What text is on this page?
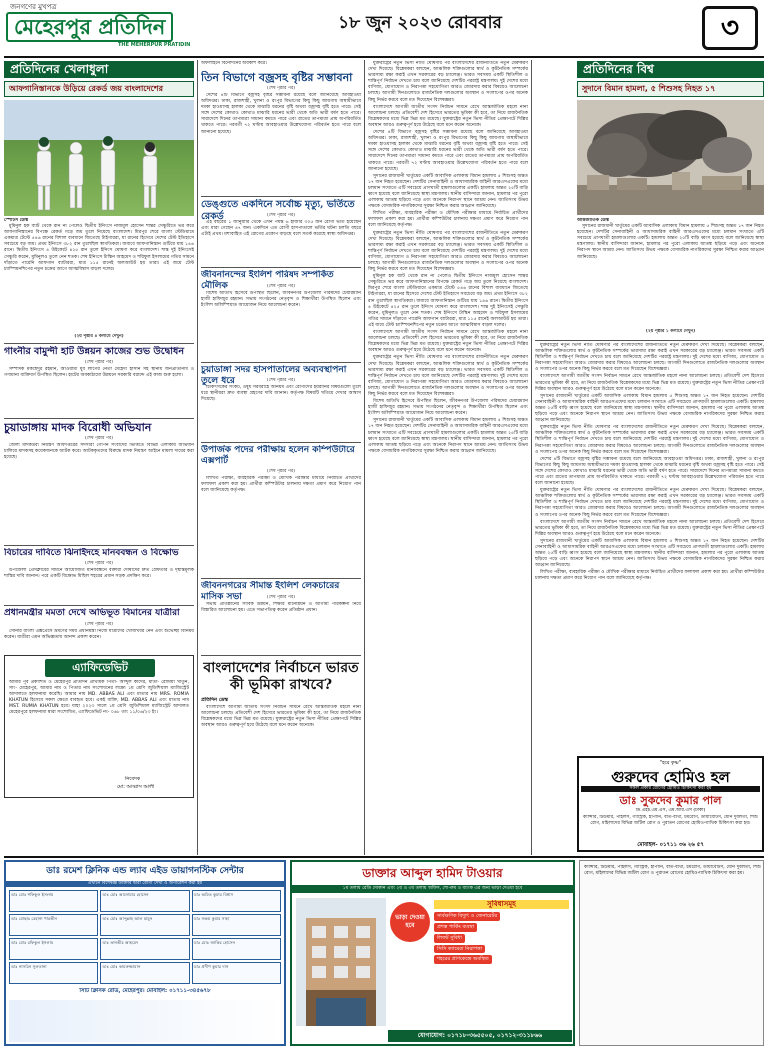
জনগণের মুখপত্র
মেহেরপুর প্রতিদিন
THE MEHERPUR PRATIDIN
১৮ জুন ২০২৩ রোববার	৩
প্রতিদিনের খেলাধুলা
আফগানিস্তানকে উড়িয়ে রেকর্ড জয় বাংলাদেশের
স্পোর্টস ডেস্ক

মুমিনুল হক ব্যাট থেকে রান না পেলেও দ্বিতীয় ইনিংসে নাজমুল হোসেন শান্তর সেঞ্চুরিতে ভর করে আফগানিস্তানের বিপক্ষে রেকর্ড গড়ে জয় তুলে নিয়েছে বাংলাদেশ। মিরপুর শেরে বাংলা স্টেডিয়ামে একমাত্র টেস্টে ৫৪৬ রানের বিশাল ব্যবধানে জিতেছে টাইগাররা, যা রানের হিসেবে দেশের টেস্ট ইতিহাসে সবচেয়ে বড় জয়। প্রথম ইনিংসে ৩৮২ রান তুলেছিল স্বাগতিকরা। জবাবে আফগানিস্তান গুটিয়ে যায় ১৪৬ রানে। দ্বিতীয় ইনিংসে ৪ উইকেটে ৪২৫ রান তুলে ইনিংস ঘোষণা করে বাংলাদেশ। শান্ত দুই ইনিংসেই সেঞ্চুরি করেন, মুমিনুলও তুলে নেন শতক। শেষ ইনিংসে টাস্কিন আহমেদ ও শরিফুল ইসলামের গতির সামনে দাঁড়াতে পারেনি আফগান ব্যাটাররা, মাত্র ১১৫ রানেই অলআউট হয় তারা। এই জয়ে টেস্ট চ্যাম্পিয়নশিপের নতুন চক্রের আগে আত্মবিশ্বাস বাড়ল দলের।

(২য় পৃষ্ঠার ৪ কলামে দেখুন)
গাংনীর বামুন্দী হাট উন্নয়ন কাজের শুভ উদ্বোধন
(শেষ পৃষ্ঠার পর)

সম্পাদক মকছেদুর রহমান, আওয়ামী যুব লীগের নেতা মেহেদী হাসান সহ স্থানীয় জনপ্রতিনিধি ও গণ্যমান্য ব্যক্তিবর্গ উপস্থিত ছিলেন। হাটের অবকাঠামো উন্নয়নে সরকারি বরাদ্দে এই কাজ শুরু হলো।

চুয়াডাঙ্গায় মাদক বিরোধী অভিযান
(শেষ পৃষ্ঠার পর)

জেলা মাদকদ্রব্য নিয়ন্ত্রণ অধিদপ্তরের সদস্যরা গোপন সংবাদের ভিত্তিতে বিভিন্ন এলাকায় অভিযান চালিয়ে মাদকসহ কয়েকজনকে আটক করে। আটককৃতদের বিরুদ্ধে মাদক নিয়ন্ত্রণ আইনে মামলা দায়ের করা হয়েছে।

বিচারের দাবিতে ঝিনাইদহে মানববন্ধন ও বিক্ষোভ
(শেষ পৃষ্ঠার পর)

উপজেলা প্রেসক্লাবের সামনে আয়োজিত মানববন্ধনে বক্তারা দোষীদের দ্রুত গ্রেফতার ও দৃষ্টান্তমূলক শাস্তির দাবি জানান। পরে একটি বিক্ষোভ মিছিল শহরের প্রধান সড়ক প্রদক্ষিণ করে।

প্রধানমন্ত্রীর মমতা দেখে অভিভূত বিমানের যাত্রীরা
(শেষ পৃষ্ঠার পর)

সোনার বাংলা এক্সপ্রেসে ভ্রমণের সময় প্রধানমন্ত্রী নিজে যাত্রীদের খোঁজখবর নেন এবং শুভেচ্ছা বিনিময় করেন। যাত্রীরা এমন অভিজ্ঞতায় আনন্দ প্রকাশ করেন।

এ্যাফিডেভিট
আমার পূর্ব প্রকাশিত ও মেহেরপুর প্রতিদিন প্রাথমিক পিতা- আব্দুল কাদের, মাতা- রোমিয়া খাতুন, সাং- মেহেরপুর, আমার নাম ও পিতার নাম সংশোধনের লক্ষ্যে ১ম শ্রেণি জুডিশিয়াল ম্যাজিস্ট্রেট আদালতে হলফনামা করেছি। আমার নাম MD. ABBAS ALI এবং মাতার নাম MRS. ROMIA KHATUN হিসেবে সকল ক্ষেত্রে ব্যবহৃত হবে। একই ব্যক্তি, MD. ABBAS ALI এবং মাতার নাম MST. RUMIA KHATUN হবে। যাহা ২০২৩ সালে ১ম শ্রেণি জুডিশিয়াল ম্যাজিস্ট্রেট আদালত মেহেরপুরে হলফনামা দ্বারা সংশোধিত, এ্যাফিডেভিট নং- ০৬৮ তাং ১১/০৬/২৩ ইং।
নিবেদক
মো: আব্বাস আলী
অফলাইনে বিনোদনের অবকাশ করে।
তিন বিভাগে বজ্রসহ বৃষ্টির সম্ভাবনা
(শেষ পৃষ্ঠার পর)

দেশের ৪টি বিভাগে বজ্রসহ বৃষ্টির সম্ভাবনা রয়েছে বলে জানিয়েছে আবহাওয়া অধিদপ্তর। ঢাকা, রাজশাহী, খুলনা ও রংপুর বিভাগের কিছু কিছু জায়গায় অস্থায়ীভাবে দমকা হাওয়াসহ হালকা থেকে মাঝারি ধরনের বৃষ্টি অথবা বজ্রসহ বৃষ্টি হতে পারে। সেই সঙ্গে দেশের কোথাও কোথাও মাঝারি ধরনের ভারী থেকে অতি ভারী বর্ষণ হতে পারে। সারাদেশে দিনের তাপমাত্রা সামান্য কমতে পারে এবং রাতের তাপমাত্রা প্রায় অপরিবর্তিত থাকতে পারে। পরবর্তী ৭২ ঘণ্টায় আবহাওয়ার উল্লেখযোগ্য পরিবর্তন হতে পারে বলে জানানো হয়েছে।

ডেঙ্গুতে একদিনে সর্বোচ্চ মৃত্যু, ভর্তিতে রেকর্ড	(শেষ পৃষ্ঠার পর)

এই বছরের ১ জানুয়ারি থেকে এখন পর্যন্ত ৬ হাজার ৩০৫ জন রোগী ভর্তি হয়েছেন এবং মারা গেছেন ৪৭ জন। একদিনে এত রোগী হাসপাতালে ভর্তির ঘটনা চলতি বছরে এটাই প্রথম। মশাবাহিত এই রোগের প্রকোপ বাড়ছে বলে সতর্ক করেছে স্বাস্থ্য অধিদপ্তর।

জীবনানন্দের ইংলিশ পরিষদ সম্পর্কিত মৌলিক	(শেষ পৃষ্ঠার পর)

বিশেষ অতিথি হিসেবে উপস্থিত ছিলেন, জীবননগর উপজেলা পরিষদের চেয়ারম্যান হাজী হাফিজুর রহমান। সভায় সংগঠনের নেতৃবৃন্দ ও শিক্ষার্থীরা উপস্থিত ছিলেন এবং ইংলিশ অলিম্পিয়াড আয়োজন নিয়ে আলোচনা করেন।

চুয়াডাঙ্গা সদর হাসপাতালের অব্যবস্থাপনা তুলে ধরে	(শেষ পৃষ্ঠার পর)

চিকিৎসকের সংকট, ওষুধ সরবরাহে অনিয়ম এবং রোগীদের হয়রানির বিষয়গুলো তুলে ধরে স্থানীয়রা দ্রুত ব্যবস্থা গ্রহণের দাবি জানান। কর্তৃপক্ষ বিষয়টি খতিয়ে দেখার আশ্বাস দিয়েছে।

উপার্জক পদের পরীক্ষায় হলেন কম্পিউটারে এক্সপার্ট
(শেষ পৃষ্ঠার পর)

লিখিত পরীক্ষা, ব্যবহারিক পরীক্ষা ও মৌখিক পরীক্ষার মাধ্যমে নির্বাচিত প্রার্থীদের ফলাফল প্রকাশ করা হয়। প্রার্থীরা কম্পিউটার চালনায় দক্ষতা প্রমাণ করে নিয়োগ পান বলে জানিয়েছে কর্তৃপক্ষ।

জীবননগরের সীমান্ত ইংলিশ লেকচারের মাসিক সভা	(শেষ পৃষ্ঠার পর)

সভায় প্রতিষ্ঠানের সার্বিক উন্নয়ন, শিক্ষার মানোন্নয়ন ও আগামী পরিকল্পনা নিয়ে বিস্তারিত আলোচনা হয়। এতে সভাপতিত্ব করেন প্রতিষ্ঠান প্রধান।

বাংলাদেশের নির্বাচনে ভারত কী ভূমিকা রাখবে?
প্রতিদিন ডেস্ক

বাংলাদেশে আগামী জাতীয় সংসদ নির্বাচন সামনে রেখে আন্তর্জাতিক মহলে নানা আলোচনা চলছে। প্রতিবেশী দেশ হিসেবে ভারতের ভূমিকা কী হবে, তা নিয়ে রাজনৈতিক বিশ্লেষকদের মধ্যে ভিন্ন ভিন্ন মত রয়েছে। যুক্তরাষ্ট্রের নতুন ভিসা নীতির প্রেক্ষাপটে দিল্লির অবস্থান আরও গুরুত্বপূর্ণ হয়ে উঠেছে বলে মনে করেন অনেকে।

যুক্তরাষ্ট্রের নতুন ভিসা নীতি ঘোষণার পর বাংলাদেশের রাজনীতিতে নতুন মেরুকরণ দেখা দিয়েছে। বিশ্লেষকরা বলছেন, আঞ্চলিক শক্তিগুলোর স্বার্থ ও কূটনৈতিক সম্পর্কের ভারসাম্য রক্ষা করাই এখন সরকারের বড় চ্যালেঞ্জ। ভারত সবসময় একটি স্থিতিশীল ও শান্তিপূর্ণ নির্বাচন দেখতে চায় বলে জানিয়েছে দেশটির পররাষ্ট্র মন্ত্রণালয়। দুই দেশের মধ্যে বাণিজ্য, যোগাযোগ ও নিরাপত্তা সহযোগিতা আরও জোরদার করার বিষয়েও আলোচনা চলছে। আগামী দিনগুলোতে রাজনৈতিক দলগুলোর অবস্থান ও সংলাপের ওপর অনেক কিছু নির্ভর করবে বলে মত দিয়েছেন বিশেষজ্ঞরা।

বাংলাদেশে আগামী জাতীয় সংসদ নির্বাচন সামনে রেখে আন্তর্জাতিক মহলে নানা আলোচনা চলছে। প্রতিবেশী দেশ হিসেবে ভারতের ভূমিকা কী হবে, তা নিয়ে রাজনৈতিক বিশ্লেষকদের মধ্যে ভিন্ন ভিন্ন মত রয়েছে। যুক্তরাষ্ট্রের নতুন ভিসা নীতির প্রেক্ষাপটে দিল্লির অবস্থান আরও গুরুত্বপূর্ণ হয়ে উঠেছে বলে মনে করেন অনেকে।

দেশের ৪টি বিভাগে বজ্রসহ বৃষ্টির সম্ভাবনা রয়েছে বলে জানিয়েছে আবহাওয়া অধিদপ্তর। ঢাকা, রাজশাহী, খুলনা ও রংপুর বিভাগের কিছু কিছু জায়গায় অস্থায়ীভাবে দমকা হাওয়াসহ হালকা থেকে মাঝারি ধরনের বৃষ্টি অথবা বজ্রসহ বৃষ্টি হতে পারে। সেই সঙ্গে দেশের কোথাও কোথাও মাঝারি ধরনের ভারী থেকে অতি ভারী বর্ষণ হতে পারে। সারাদেশে দিনের তাপমাত্রা সামান্য কমতে পারে এবং রাতের তাপমাত্রা প্রায় অপরিবর্তিত থাকতে পারে। পরবর্তী ৭২ ঘণ্টায় আবহাওয়ার উল্লেখযোগ্য পরিবর্তন হতে পারে বলে জানানো হয়েছে।

সুদানের রাজধানী খার্তুমের একটি আবাসিক এলাকায় বিমান হামলায় ৫ শিশুসহ অন্তত ১৭ জন নিহত হয়েছেন। দেশটির সেনাবাহিনী ও আধাসামরিক বাহিনী আরএসএফের মধ্যে চলমান সংঘাতে এটি সবচেয়ে প্রাণঘাতী হামলাগুলোর একটি। হামলায় অন্তত ২৫টি বাড়ি ধ্বংস হয়েছে বলে জানিয়েছে স্বাস্থ্য মন্ত্রণালয়। স্থানীয় বাসিন্দারা জানান, হামলার পর পুরো এলাকায় আতঙ্ক ছড়িয়ে পড়ে এবং অনেকে নিরাপদ স্থানে আশ্রয় নেন। জাতিসংঘ উভয় পক্ষকে বেসামরিক নাগরিকদের সুরক্ষা নিশ্চিত করার আহ্বান জানিয়েছে।

লিখিত পরীক্ষা, ব্যবহারিক পরীক্ষা ও মৌখিক পরীক্ষার মাধ্যমে নির্বাচিত প্রার্থীদের ফলাফল প্রকাশ করা হয়। প্রার্থীরা কম্পিউটার চালনায় দক্ষতা প্রমাণ করে নিয়োগ পান বলে জানিয়েছে কর্তৃপক্ষ।

যুক্তরাষ্ট্রের নতুন ভিসা নীতি ঘোষণার পর বাংলাদেশের রাজনীতিতে নতুন মেরুকরণ দেখা দিয়েছে। বিশ্লেষকরা বলছেন, আঞ্চলিক শক্তিগুলোর স্বার্থ ও কূটনৈতিক সম্পর্কের ভারসাম্য রক্ষা করাই এখন সরকারের বড় চ্যালেঞ্জ। ভারত সবসময় একটি স্থিতিশীল ও শান্তিপূর্ণ নির্বাচন দেখতে চায় বলে জানিয়েছে দেশটির পররাষ্ট্র মন্ত্রণালয়। দুই দেশের মধ্যে বাণিজ্য, যোগাযোগ ও নিরাপত্তা সহযোগিতা আরও জোরদার করার বিষয়েও আলোচনা চলছে। আগামী দিনগুলোতে রাজনৈতিক দলগুলোর অবস্থান ও সংলাপের ওপর অনেক কিছু নির্ভর করবে বলে মত দিয়েছেন বিশেষজ্ঞরা।

মুমিনুল হক ব্যাট থেকে রান না পেলেও দ্বিতীয় ইনিংসে নাজমুল হোসেন শান্তর সেঞ্চুরিতে ভর করে আফগানিস্তানের বিপক্ষে রেকর্ড গড়ে জয় তুলে নিয়েছে বাংলাদেশ। মিরপুর শেরে বাংলা স্টেডিয়ামে একমাত্র টেস্টে ৫৪৬ রানের বিশাল ব্যবধানে জিতেছে টাইগাররা, যা রানের হিসেবে দেশের টেস্ট ইতিহাসে সবচেয়ে বড় জয়। প্রথম ইনিংসে ৩৮২ রান তুলেছিল স্বাগতিকরা। জবাবে আফগানিস্তান গুটিয়ে যায় ১৪৬ রানে। দ্বিতীয় ইনিংসে ৪ উইকেটে ৪২৫ রান তুলে ইনিংস ঘোষণা করে বাংলাদেশ। শান্ত দুই ইনিংসেই সেঞ্চুরি করেন, মুমিনুলও তুলে নেন শতক। শেষ ইনিংসে টাস্কিন আহমেদ ও শরিফুল ইসলামের গতির সামনে দাঁড়াতে পারেনি আফগান ব্যাটাররা, মাত্র ১১৫ রানেই অলআউট হয় তারা। এই জয়ে টেস্ট চ্যাম্পিয়নশিপের নতুন চক্রের আগে আত্মবিশ্বাস বাড়ল দলের।

বাংলাদেশে আগামী জাতীয় সংসদ নির্বাচন সামনে রেখে আন্তর্জাতিক মহলে নানা আলোচনা চলছে। প্রতিবেশী দেশ হিসেবে ভারতের ভূমিকা কী হবে, তা নিয়ে রাজনৈতিক বিশ্লেষকদের মধ্যে ভিন্ন ভিন্ন মত রয়েছে। যুক্তরাষ্ট্রের নতুন ভিসা নীতির প্রেক্ষাপটে দিল্লির অবস্থান আরও গুরুত্বপূর্ণ হয়ে উঠেছে বলে মনে করেন অনেকে।

যুক্তরাষ্ট্রের নতুন ভিসা নীতি ঘোষণার পর বাংলাদেশের রাজনীতিতে নতুন মেরুকরণ দেখা দিয়েছে। বিশ্লেষকরা বলছেন, আঞ্চলিক শক্তিগুলোর স্বার্থ ও কূটনৈতিক সম্পর্কের ভারসাম্য রক্ষা করাই এখন সরকারের বড় চ্যালেঞ্জ। ভারত সবসময় একটি স্থিতিশীল ও শান্তিপূর্ণ নির্বাচন দেখতে চায় বলে জানিয়েছে দেশটির পররাষ্ট্র মন্ত্রণালয়। দুই দেশের মধ্যে বাণিজ্য, যোগাযোগ ও নিরাপত্তা সহযোগিতা আরও জোরদার করার বিষয়েও আলোচনা চলছে। আগামী দিনগুলোতে রাজনৈতিক দলগুলোর অবস্থান ও সংলাপের ওপর অনেক কিছু নির্ভর করবে বলে মত দিয়েছেন বিশেষজ্ঞরা।

বিশেষ অতিথি হিসেবে উপস্থিত ছিলেন, জীবননগর উপজেলা পরিষদের চেয়ারম্যান হাজী হাফিজুর রহমান। সভায় সংগঠনের নেতৃবৃন্দ ও শিক্ষার্থীরা উপস্থিত ছিলেন এবং ইংলিশ অলিম্পিয়াড আয়োজন নিয়ে আলোচনা করেন।

সুদানের রাজধানী খার্তুমের একটি আবাসিক এলাকায় বিমান হামলায় ৫ শিশুসহ অন্তত ১৭ জন নিহত হয়েছেন। দেশটির সেনাবাহিনী ও আধাসামরিক বাহিনী আরএসএফের মধ্যে চলমান সংঘাতে এটি সবচেয়ে প্রাণঘাতী হামলাগুলোর একটি। হামলায় অন্তত ২৫টি বাড়ি ধ্বংস হয়েছে বলে জানিয়েছে স্বাস্থ্য মন্ত্রণালয়। স্থানীয় বাসিন্দারা জানান, হামলার পর পুরো এলাকায় আতঙ্ক ছড়িয়ে পড়ে এবং অনেকে নিরাপদ স্থানে আশ্রয় নেন। জাতিসংঘ উভয় পক্ষকে বেসামরিক নাগরিকদের সুরক্ষা নিশ্চিত করার আহ্বান জানিয়েছে।

প্রতিদিনের বিশ্ব
সুদানে বিমান হামলা, ৫ শিশুসহ নিহত ১৭
আন্তর্জাতিক ডেস্ক

সুদানের রাজধানী খার্তুমের একটি আবাসিক এলাকায় বিমান হামলায় ৫ শিশুসহ অন্তত ১৭ জন নিহত হয়েছেন। দেশটির সেনাবাহিনী ও আধাসামরিক বাহিনী আরএসএফের মধ্যে চলমান সংঘাতে এটি সবচেয়ে প্রাণঘাতী হামলাগুলোর একটি। হামলায় অন্তত ২৫টি বাড়ি ধ্বংস হয়েছে বলে জানিয়েছে স্বাস্থ্য মন্ত্রণালয়। স্থানীয় বাসিন্দারা জানান, হামলার পর পুরো এলাকায় আতঙ্ক ছড়িয়ে পড়ে এবং অনেকে নিরাপদ স্থানে আশ্রয় নেন। জাতিসংঘ উভয় পক্ষকে বেসামরিক নাগরিকদের সুরক্ষা নিশ্চিত করার আহ্বান জানিয়েছে।

(২য় পৃষ্ঠার ১ কলামে দেখুন)

যুক্তরাষ্ট্রের নতুন ভিসা নীতি ঘোষণার পর বাংলাদেশের রাজনীতিতে নতুন মেরুকরণ দেখা দিয়েছে। বিশ্লেষকরা বলছেন, আঞ্চলিক শক্তিগুলোর স্বার্থ ও কূটনৈতিক সম্পর্কের ভারসাম্য রক্ষা করাই এখন সরকারের বড় চ্যালেঞ্জ। ভারত সবসময় একটি স্থিতিশীল ও শান্তিপূর্ণ নির্বাচন দেখতে চায় বলে জানিয়েছে দেশটির পররাষ্ট্র মন্ত্রণালয়। দুই দেশের মধ্যে বাণিজ্য, যোগাযোগ ও নিরাপত্তা সহযোগিতা আরও জোরদার করার বিষয়েও আলোচনা চলছে। আগামী দিনগুলোতে রাজনৈতিক দলগুলোর অবস্থান ও সংলাপের ওপর অনেক কিছু নির্ভর করবে বলে মত দিয়েছেন বিশেষজ্ঞরা।

বাংলাদেশে আগামী জাতীয় সংসদ নির্বাচন সামনে রেখে আন্তর্জাতিক মহলে নানা আলোচনা চলছে। প্রতিবেশী দেশ হিসেবে ভারতের ভূমিকা কী হবে, তা নিয়ে রাজনৈতিক বিশ্লেষকদের মধ্যে ভিন্ন ভিন্ন মত রয়েছে। যুক্তরাষ্ট্রের নতুন ভিসা নীতির প্রেক্ষাপটে দিল্লির অবস্থান আরও গুরুত্বপূর্ণ হয়ে উঠেছে বলে মনে করেন অনেকে।

সুদানের রাজধানী খার্তুমের একটি আবাসিক এলাকায় বিমান হামলায় ৫ শিশুসহ অন্তত ১৭ জন নিহত হয়েছেন। দেশটির সেনাবাহিনী ও আধাসামরিক বাহিনী আরএসএফের মধ্যে চলমান সংঘাতে এটি সবচেয়ে প্রাণঘাতী হামলাগুলোর একটি। হামলায় অন্তত ২৫টি বাড়ি ধ্বংস হয়েছে বলে জানিয়েছে স্বাস্থ্য মন্ত্রণালয়। স্থানীয় বাসিন্দারা জানান, হামলার পর পুরো এলাকায় আতঙ্ক ছড়িয়ে পড়ে এবং অনেকে নিরাপদ স্থানে আশ্রয় নেন। জাতিসংঘ উভয় পক্ষকে বেসামরিক নাগরিকদের সুরক্ষা নিশ্চিত করার আহ্বান জানিয়েছে।

যুক্তরাষ্ট্রের নতুন ভিসা নীতি ঘোষণার পর বাংলাদেশের রাজনীতিতে নতুন মেরুকরণ দেখা দিয়েছে। বিশ্লেষকরা বলছেন, আঞ্চলিক শক্তিগুলোর স্বার্থ ও কূটনৈতিক সম্পর্কের ভারসাম্য রক্ষা করাই এখন সরকারের বড় চ্যালেঞ্জ। ভারত সবসময় একটি স্থিতিশীল ও শান্তিপূর্ণ নির্বাচন দেখতে চায় বলে জানিয়েছে দেশটির পররাষ্ট্র মন্ত্রণালয়। দুই দেশের মধ্যে বাণিজ্য, যোগাযোগ ও নিরাপত্তা সহযোগিতা আরও জোরদার করার বিষয়েও আলোচনা চলছে। আগামী দিনগুলোতে রাজনৈতিক দলগুলোর অবস্থান ও সংলাপের ওপর অনেক কিছু নির্ভর করবে বলে মত দিয়েছেন বিশেষজ্ঞরা।

দেশের ৪টি বিভাগে বজ্রসহ বৃষ্টির সম্ভাবনা রয়েছে বলে জানিয়েছে আবহাওয়া অধিদপ্তর। ঢাকা, রাজশাহী, খুলনা ও রংপুর বিভাগের কিছু কিছু জায়গায় অস্থায়ীভাবে দমকা হাওয়াসহ হালকা থেকে মাঝারি ধরনের বৃষ্টি অথবা বজ্রসহ বৃষ্টি হতে পারে। সেই সঙ্গে দেশের কোথাও কোথাও মাঝারি ধরনের ভারী থেকে অতি ভারী বর্ষণ হতে পারে। সারাদেশে দিনের তাপমাত্রা সামান্য কমতে পারে এবং রাতের তাপমাত্রা প্রায় অপরিবর্তিত থাকতে পারে। পরবর্তী ৭২ ঘণ্টায় আবহাওয়ার উল্লেখযোগ্য পরিবর্তন হতে পারে বলে জানানো হয়েছে।

যুক্তরাষ্ট্রের নতুন ভিসা নীতি ঘোষণার পর বাংলাদেশের রাজনীতিতে নতুন মেরুকরণ দেখা দিয়েছে। বিশ্লেষকরা বলছেন, আঞ্চলিক শক্তিগুলোর স্বার্থ ও কূটনৈতিক সম্পর্কের ভারসাম্য রক্ষা করাই এখন সরকারের বড় চ্যালেঞ্জ। ভারত সবসময় একটি স্থিতিশীল ও শান্তিপূর্ণ নির্বাচন দেখতে চায় বলে জানিয়েছে দেশটির পররাষ্ট্র মন্ত্রণালয়। দুই দেশের মধ্যে বাণিজ্য, যোগাযোগ ও নিরাপত্তা সহযোগিতা আরও জোরদার করার বিষয়েও আলোচনা চলছে। আগামী দিনগুলোতে রাজনৈতিক দলগুলোর অবস্থান ও সংলাপের ওপর অনেক কিছু নির্ভর করবে বলে মত দিয়েছেন বিশেষজ্ঞরা।

বাংলাদেশে আগামী জাতীয় সংসদ নির্বাচন সামনে রেখে আন্তর্জাতিক মহলে নানা আলোচনা চলছে। প্রতিবেশী দেশ হিসেবে ভারতের ভূমিকা কী হবে, তা নিয়ে রাজনৈতিক বিশ্লেষকদের মধ্যে ভিন্ন ভিন্ন মত রয়েছে। যুক্তরাষ্ট্রের নতুন ভিসা নীতির প্রেক্ষাপটে দিল্লির অবস্থান আরও গুরুত্বপূর্ণ হয়ে উঠেছে বলে মনে করেন অনেকে।

সুদানের রাজধানী খার্তুমের একটি আবাসিক এলাকায় বিমান হামলায় ৫ শিশুসহ অন্তত ১৭ জন নিহত হয়েছেন। দেশটির সেনাবাহিনী ও আধাসামরিক বাহিনী আরএসএফের মধ্যে চলমান সংঘাতে এটি সবচেয়ে প্রাণঘাতী হামলাগুলোর একটি। হামলায় অন্তত ২৫টি বাড়ি ধ্বংস হয়েছে বলে জানিয়েছে স্বাস্থ্য মন্ত্রণালয়। স্থানীয় বাসিন্দারা জানান, হামলার পর পুরো এলাকায় আতঙ্ক ছড়িয়ে পড়ে এবং অনেকে নিরাপদ স্থানে আশ্রয় নেন। জাতিসংঘ উভয় পক্ষকে বেসামরিক নাগরিকদের সুরক্ষা নিশ্চিত করার আহ্বান জানিয়েছে।

লিখিত পরীক্ষা, ব্যবহারিক পরীক্ষা ও মৌখিক পরীক্ষার মাধ্যমে নির্বাচিত প্রার্থীদের ফলাফল প্রকাশ করা হয়। প্রার্থীরা কম্পিউটার চালনায় দক্ষতা প্রমাণ করে নিয়োগ পান বলে জানিয়েছে কর্তৃপক্ষ।

"হরে কৃষ্ণ"
গুরুদেব হোমিও হল
সকল প্রকার রোগের হোমিও চিকিৎসা করা হয়
ডাঃ সুকদেব কুমার পাল
ডি.এইচ.এম.এস, এম.আর.এস (ঢাকা)
ক্যান্সার, টিউমার, পাইলস, গ্যাস্ট্রিক, হাঁপানি, বাত-ব্যথা, চর্মরোগ, ডায়াবেটিস, যৌন দুর্বলতা, শিশু রোগ, মহিলাদের বিভিন্ন জটিল রোগ ও পুরাতন রোগের হোমিওপ্যাথিক চিকিৎসা করা হয়।
মোবাইল- ০১৭১১ ৩৬ ২৬ ৫৭
ডাঃ রমেশ ক্লিনিক এন্ড ল্যাব এইড ডায়াগনস্টিক সেন্টার
এখানে বিশেষজ্ঞ ডাক্তার দ্বারা রোগী দেখা ও অপারেশন করা হয়
ডাঃ মোঃ শফিকুল ইসলাম	ডাঃ মোঃ আনোয়ার হোসেন	ডাঃ অমিত কুমার বিশ্বাস
ডাঃ মোছাঃ রেহানা পারভীন	ডাঃ মোঃ আব্দুল্লাহ আল মামুন	ডাঃ সঞ্জয় কুমার সাহা
ডাঃ মোঃ রফিকুল ইসলাম	ডাঃ তানভীর আহমেদ	ডাঃ মোঃ জাকির হোসেন
ডাঃ নাসরিন সুলতানা	ডাঃ মোঃ কামরুজ্জামান	ডাঃ প্রদীপ কুমার দাস
সিটি ক্লিনিক রোড, মেহেরপুর। মোবাইল: ০১৭১১-৩৪৫৬৭৮
ডাক্তার আব্দুল হামিদ টাওয়ার
১ম তলায় রেডি দোকান এবং ২য় ও ৩য় তলায় অফিস, শো-রুম ও ব্যাংক এর জন্য ভাড়া দেওয়া হবে
ভাড়া দেওয়া হবে
সুবিধাসমূহ
সার্বক্ষণিক বিদ্যুৎ ও জেনারেটর
প্রশস্ত পার্কিং ব্যবস্থা
লিফট সুবিধা
সিসি ক্যামেরা নিরাপত্তা
শহরের প্রাণকেন্দ্রে অবস্থিত
যোগাযোগ: ০১৭১৮-৩৬৫৫০৫, ০১৭১২-৩১১৮৬৬
ক্যান্সার, টিউমার, পাইলস, গ্যাস্ট্রিক, হাঁপানি, বাত-ব্যথা, চর্মরোগ, ডায়াবেটিস, যৌন দুর্বলতা, শিশু রোগ, মহিলাদের বিভিন্ন জটিল রোগ ও পুরাতন রোগের হোমিওপ্যাথিক চিকিৎসা করা হয়।
